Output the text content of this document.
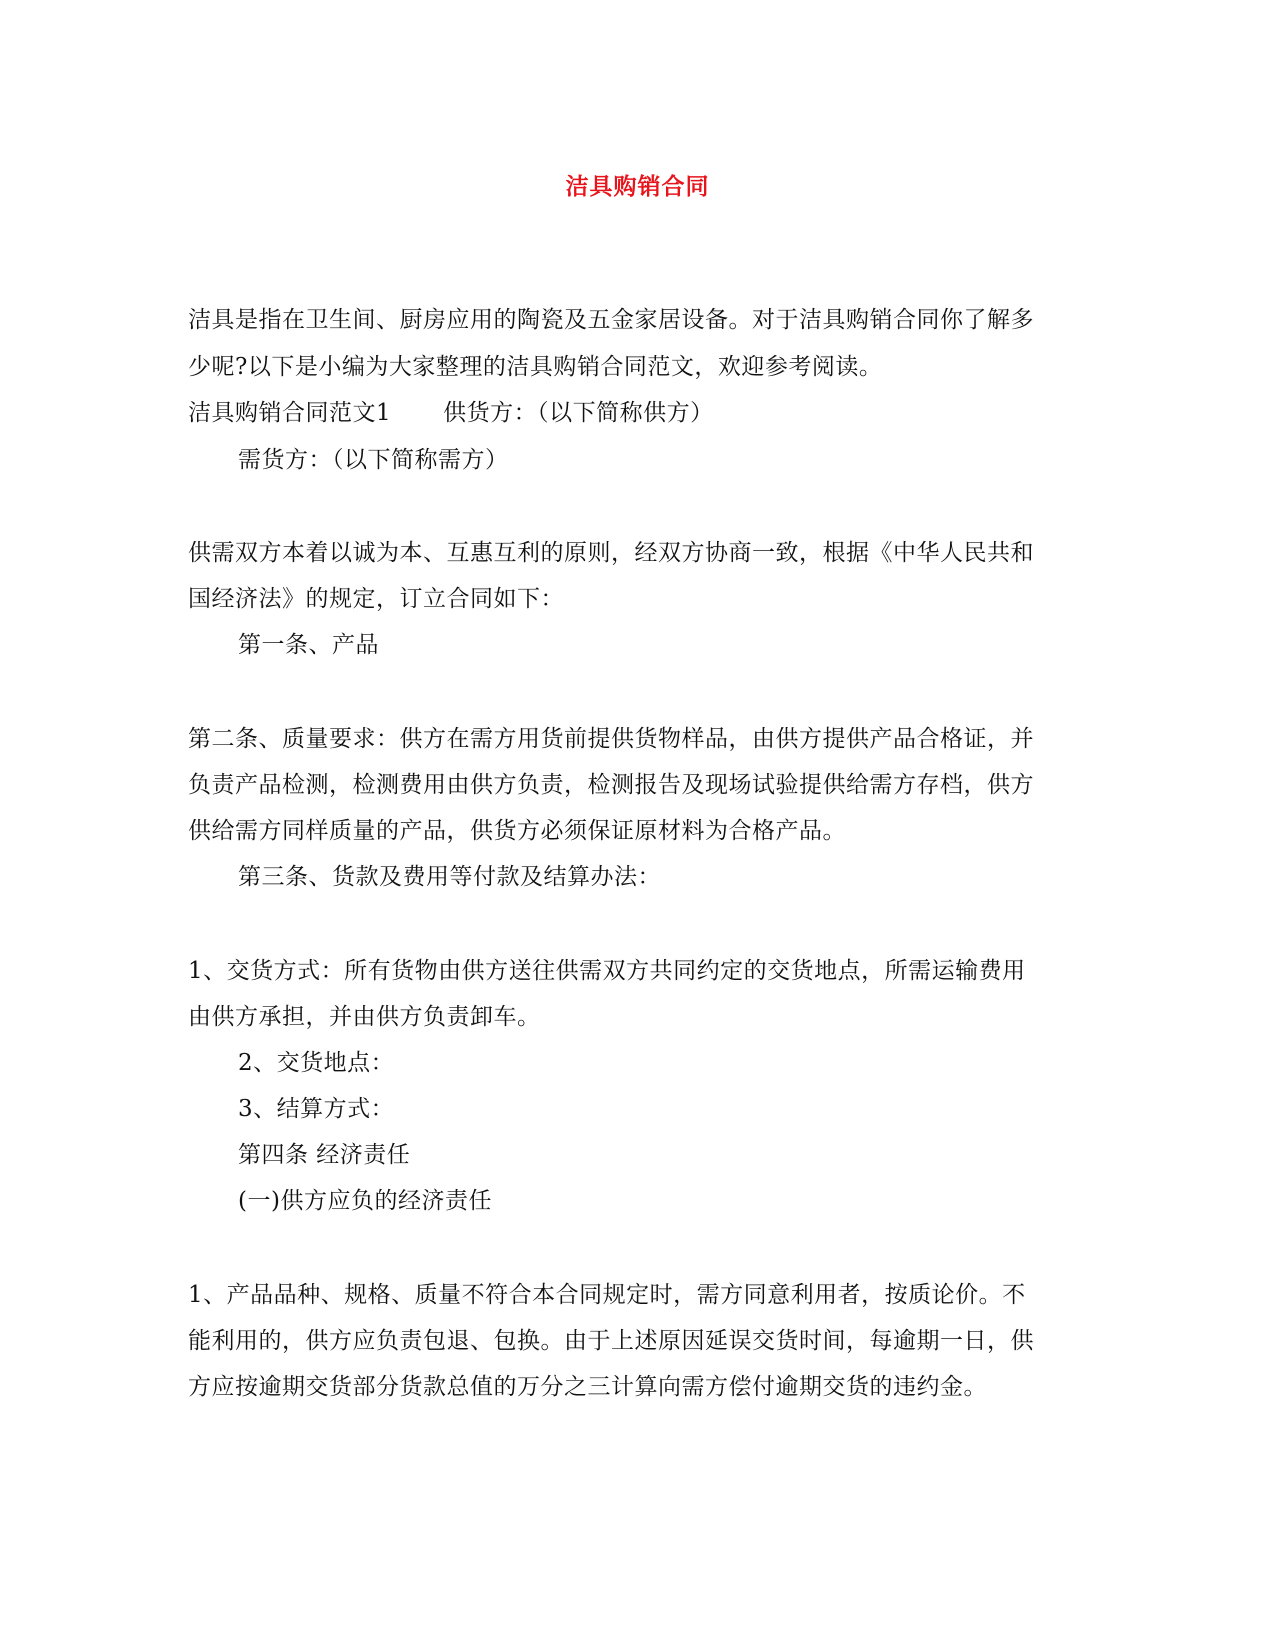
洁具购销合同
洁具是指在卫生间、厨房应用的陶瓷及五金家居设备。对于洁具购销合同你了解多
少呢?以下是小编为大家整理的洁具购销合同范文，欢迎参考阅读。
洁具购销合同范文1 供货方：（以下简称供方）
需货方：（以下简称需方）
供需双方本着以诚为本、互惠互利的原则，经双方协商一致，根据《中华人民共和
国经济法》的规定，订立合同如下：
第一条、产品
第二条、质量要求：供方在需方用货前提供货物样品，由供方提供产品合格证，并
负责产品检测，检测费用由供方负责，检测报告及现场试验提供给需方存档，供方
供给需方同样质量的产品，供货方必须保证原材料为合格产品。
第三条、货款及费用等付款及结算办法：
1、交货方式：所有货物由供方送往供需双方共同约定的交货地点，所需运输费用
由供方承担，并由供方负责卸车。
2、交货地点：
3、结算方式：
第四条 经济责任
(一)供方应负的经济责任
1、产品品种、规格、质量不符合本合同规定时，需方同意利用者，按质论价。不
能利用的，供方应负责包退、包换。由于上述原因延误交货时间，每逾期一日，供
方应按逾期交货部分货款总值的万分之三计算向需方偿付逾期交货的违约金。
